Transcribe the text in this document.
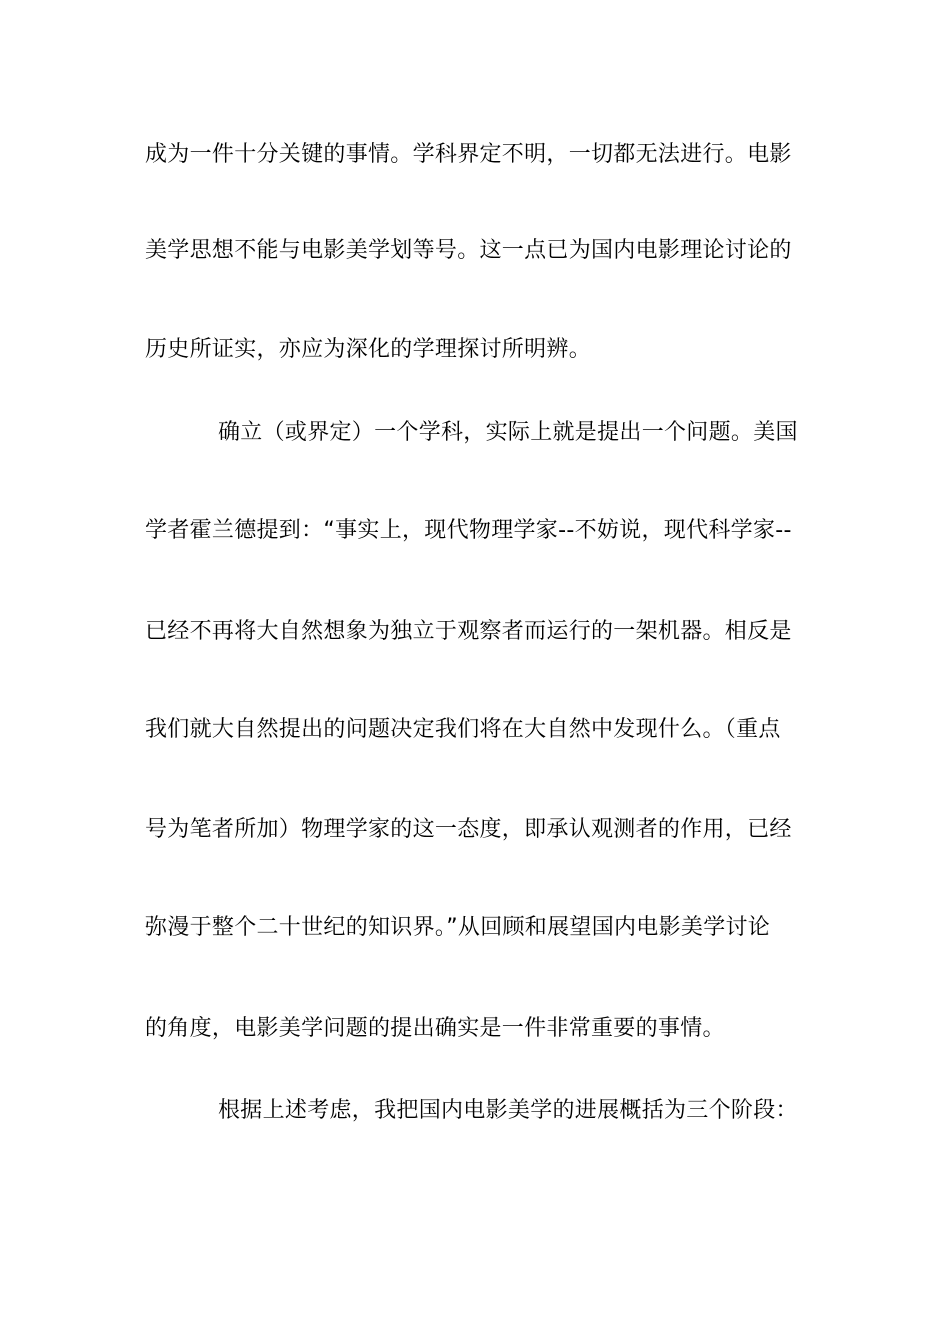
成为一件十分关键的事情。学科界定不明，一切都无法进行。电影
美学思想不能与电影美学划等号。这一点已为国内电影理论讨论的
历史所证实，亦应为深化的学理探讨所明辨。
确立（或界定）一个学科，实际上就是提出一个问题。美国
学者霍兰德提到：“事实上，现代物理学家--不妨说，现代科学家--
已经不再将大自然想象为独立于观察者而运行的一架机器。相反是
我们就大自然提出的问题决定我们将在大自然中发现什么。（重点
号为笔者所加）物理学家的这一态度，即承认观测者的作用，已经
弥漫于整个二十世纪的知识界。”从回顾和展望国内电影美学讨论
的角度，电影美学问题的提出确实是一件非常重要的事情。
根据上述考虑，我把国内电影美学的进展概括为三个阶段：
